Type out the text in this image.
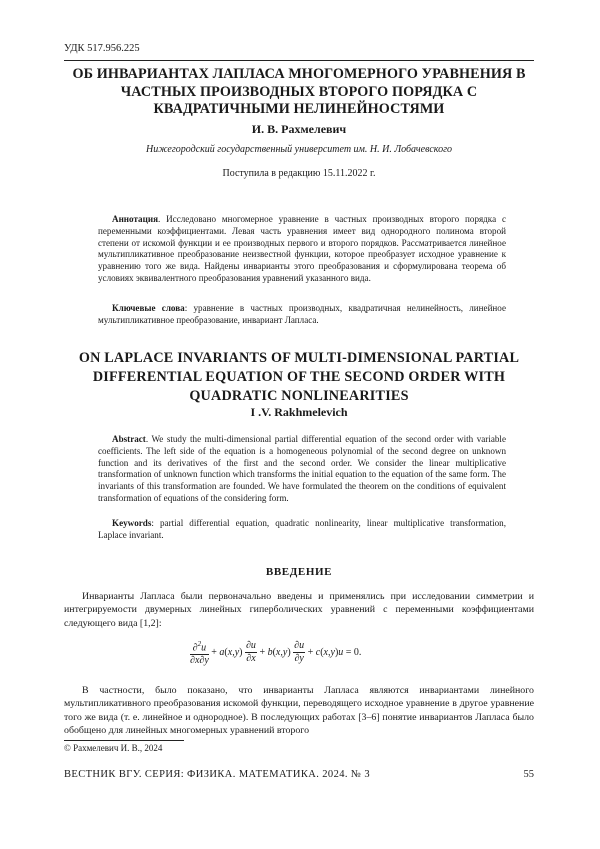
УДК 517.956.225
ОБ ИНВАРИАНТАХ ЛАПЛАСА МНОГОМЕРНОГО УРАВНЕНИЯ В ЧАСТНЫХ ПРОИЗВОДНЫХ ВТОРОГО ПОРЯДКА С КВАДРАТИЧНЫМИ НЕЛИНЕЙНОСТЯМИ
И. В. Рахмелевич
Нижегородский государственный университет им. Н. И. Лобачевского
Поступила в редакцию 15.11.2022 г.
Аннотация. Исследовано многомерное уравнение в частных производных второго порядка с переменными коэффициентами. Левая часть уравнения имеет вид однородного полинома второй степени от искомой функции и ее производных первого и второго порядков. Рассматривается линейное мультипликативное преобразование неизвестной функции, которое преобразует исходное уравнение к уравнению того же вида. Найдены инварианты этого преобразования и сформулирована теорема об условиях эквивалентного преобразования уравнений указанного вида.
Ключевые слова: уравнение в частных производных, квадратичная нелинейность, линейное мультипликативное преобразование, инвариант Лапласа.
ON LAPLACE INVARIANTS OF MULTI-DIMENSIONAL PARTIAL DIFFERENTIAL EQUATION OF THE SECOND ORDER WITH QUADRATIC NONLINEARITIES
I .V. Rakhmelevich
Abstract. We study the multi-dimensional partial differential equation of the second order with variable coefficients. The left side of the equation is a homogeneous polynomial of the second degree on unknown function and its derivatives of the first and the second order. We consider the linear multiplicative transformation of unknown function which transforms the initial equation to the equation of the same form. The invariants of this transformation are founded. We have formulated the theorem on the conditions of equivalent transformation of equations of the considering form.
Keywords: partial differential equation, quadratic nonlinearity, linear multiplicative transformation, Laplace invariant.
ВВЕДЕНИЕ
Инварианты Лапласа были первоначально введены и применялись при исследовании симметрии и интегрируемости двумерных линейных гиперболических уравнений с переменными коэффициентами следующего вида [1,2]:
$\frac{\partial^2u}{\partial x\partial y} + a(x,y) \frac{\partial u}{\partial x} + b(x,y) \frac{\partial u}{\partial y} + c(x,y)u = 0$.
В частности, было показано, что инварианты Лапласа являются инвариантами линейного мультипликативного преобразования искомой функции, переводящего исходное уравнение в другое уравнение того же вида (т. е. линейное и однородное). В последующих работах [3–6] понятие инвариантов Лапласа было обобщено для линейных многомерных уравнений второго
© Рахмелевич И. В., 2024
ВЕСТНИК ВГУ. СЕРИЯ: ФИЗИКА. МАТЕМАТИКА. 2024. № 3	55
